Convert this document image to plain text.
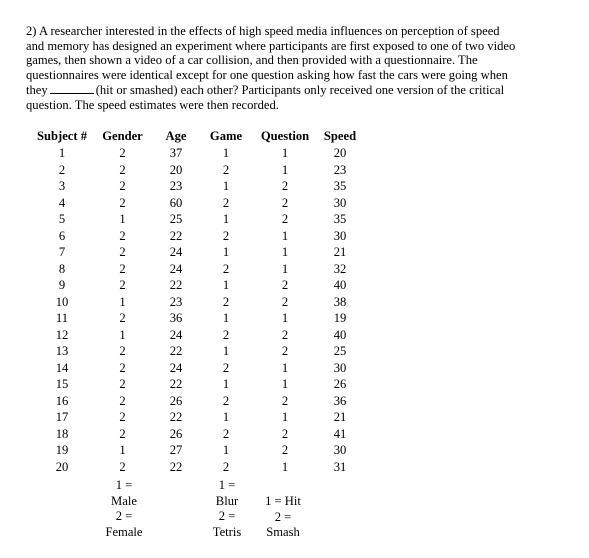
2) A researcher interested in the effects of high speed media influences on perception of speed
and memory has designed an experiment where participants are first exposed to one of two video
games, then shown a video of a car collision, and then provided with a questionnaire. The
questionnaires were identical except for one question asking how fast the cars were going when
they	(hit or smashed) each other? Participants only received one version of the critical
question. The speed estimates were then recorded.
Subject #	Gender	Age	Game	Question	Speed
1	2	37	1	1	20
2	2	20	2	1	23
3	2	23	1	2	35
4	2	60	2	2	30
5	1	25	1	2	35
6	2	22	2	1	30
7	2	24	1	1	21
8	2	24	2	1	32
9	2	22	1	2	40
10	1	23	2	2	38
11	2	36	1	1	19
12	1	24	2	2	40
13	2	22	1	2	25
14	2	24	2	1	30
15	2	22	1	1	26
16	2	26	2	2	36
17	2	22	1	1	21
18	2	26	2	2	41
19	1	27	1	2	30
20	2	22	2	1	31
1 =
Male
2 =
Female
1 =
Blur
2 =
Tetris
1 = Hit
2 =
Smash
